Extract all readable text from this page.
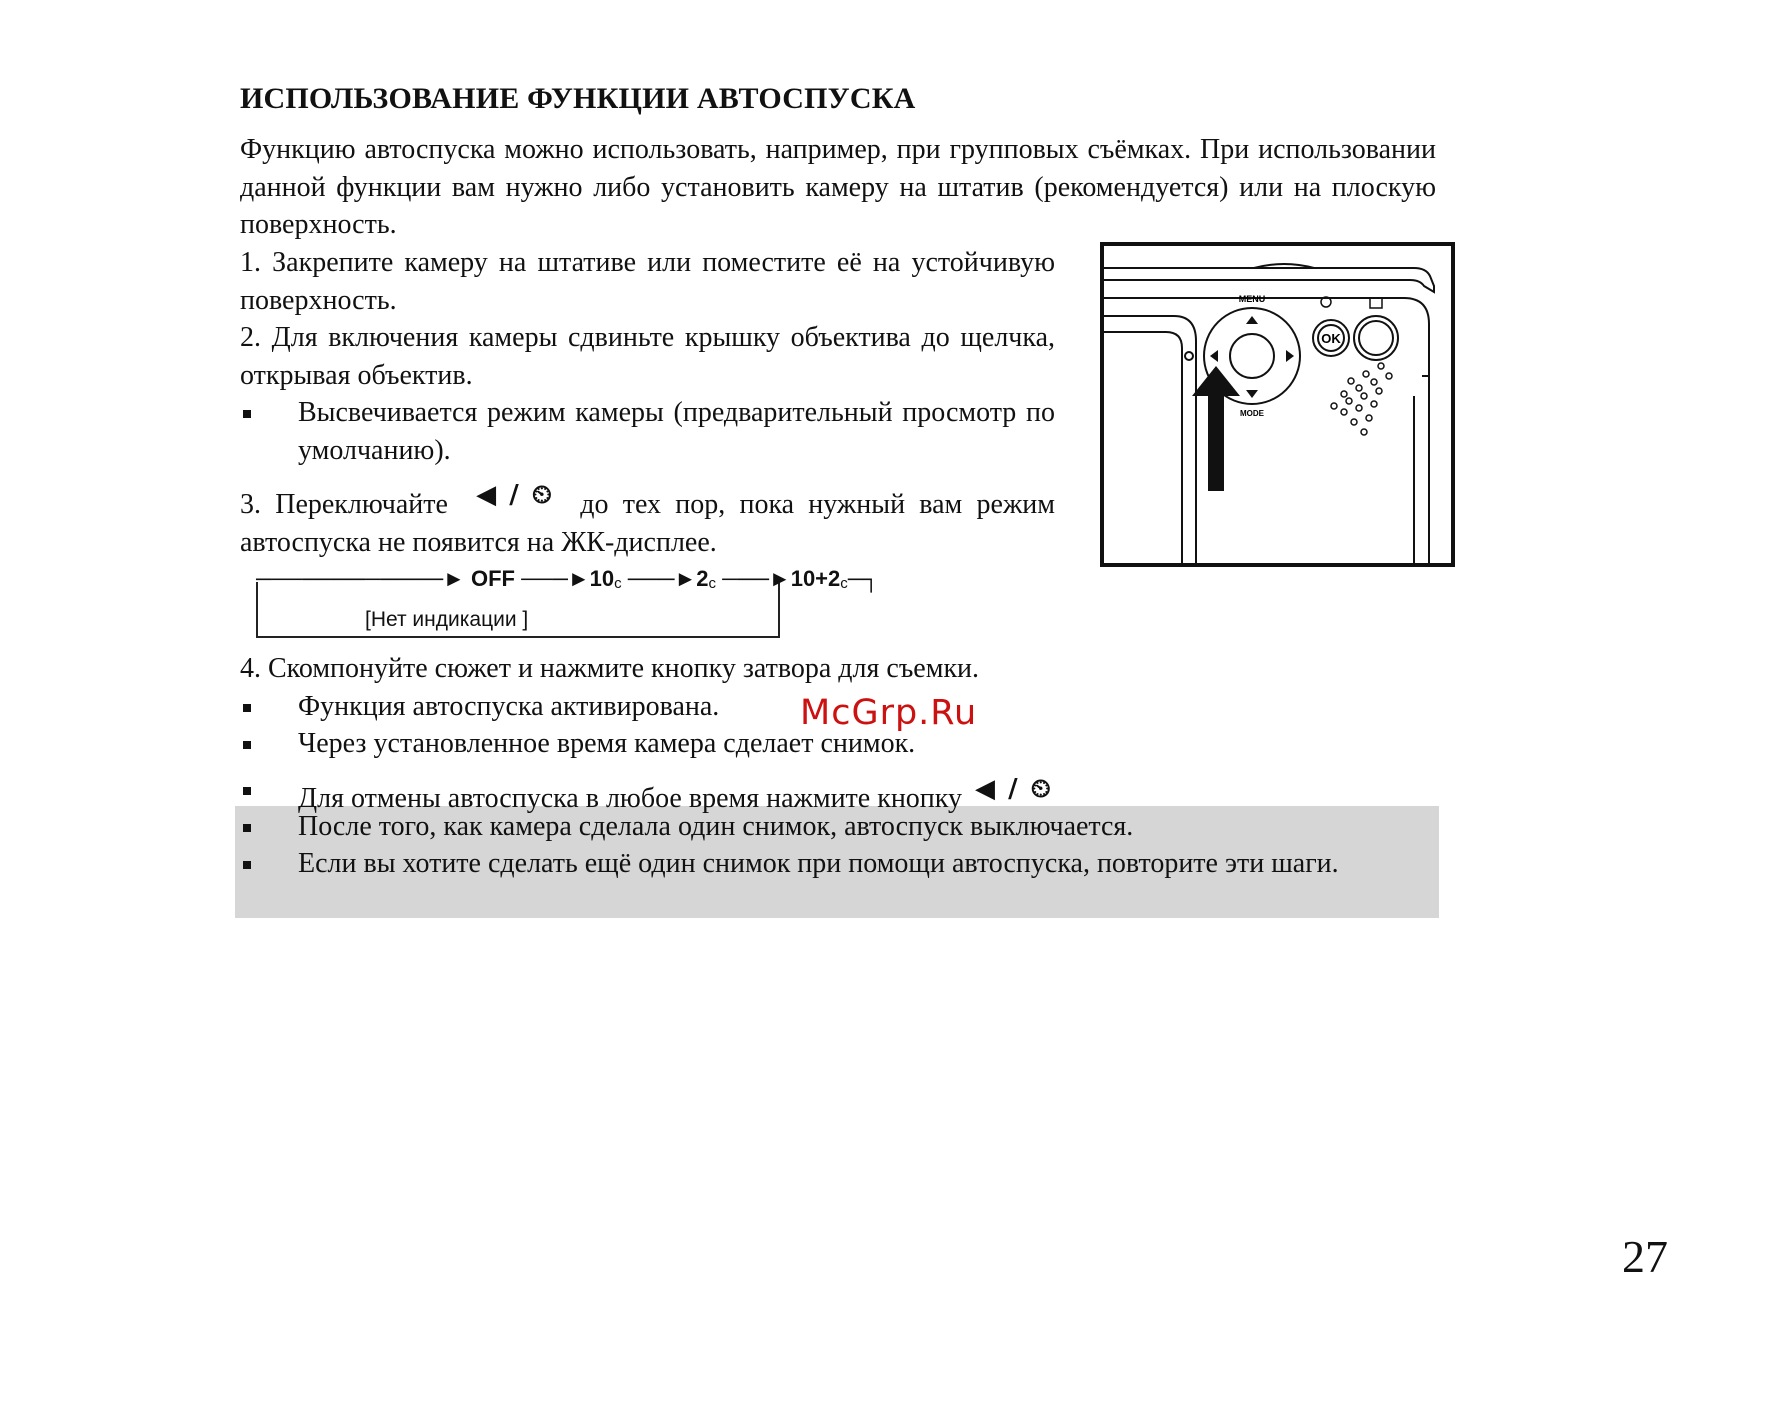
ИСПОЛЬЗОВАНИЕ ФУНКЦИИ АВТОСПУСКА
Функцию автоспуска можно использовать, например, при групповых съёмках. При использовании данной функции вам нужно либо установить камеру на штатив (рекомендуется) или на плоскую поверхность.
1. Закрепите камеру на штативе или поместите её на устойчивую поверхность.
2. Для включения камеры сдвиньте крышку объектива до щелчка, открывая объектив.
Высвечивается режим камеры (предварительный просмотр по умолчанию).
3. Переключайте ◀ / ⏲ до тех пор, пока нужный вам режим автоспуска не появится на ЖК-дисплее.
────────────► OFF $───►10_c$ $───►2_c$ $───►10+2_c─┐$
[Нет индикации ]
MENU
OK
MODE
4. Скомпонуйте сюжет и нажмите кнопку затвора для съемки.
Функция автоспуска активирована.
Через установленное время камера сделает снимок.
Для отмены автоспуска в любое время нажмите кнопку ◀ / ⏲
После того, как камера сделала один снимок, автоспуск выключается.
Если вы хотите сделать ещё один снимок при помощи автоспуска, повторите эти шаги.
McGrp.Ru
27
